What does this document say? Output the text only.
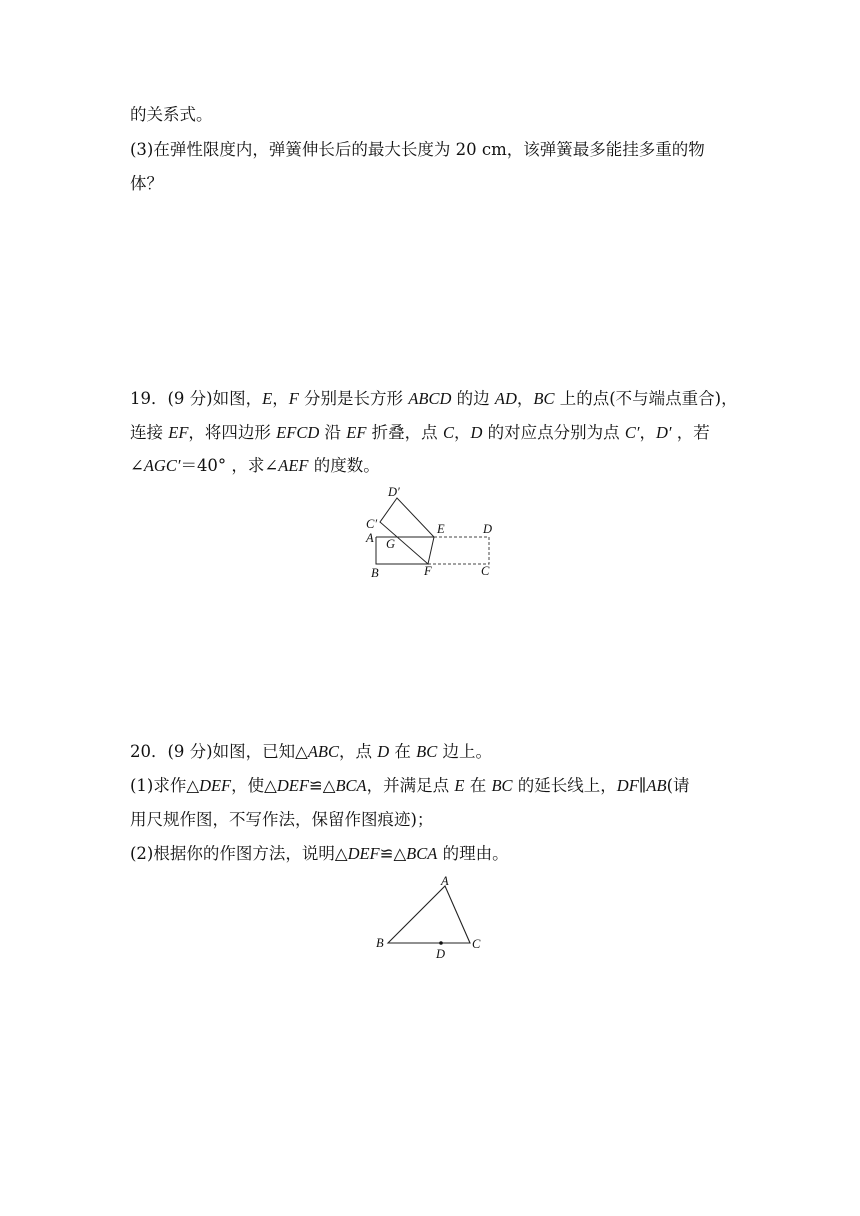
的关系式。
(3)在弹性限度内，弹簧伸长后的最大长度为 20 cm，该弹簧最多能挂多重的物
体？
19．(9 分)如图，E，F 分别是长方形 ABCD 的边 AD，BC 上的点(不与端点重合)，
连接 EF，将四边形 EFCD 沿 EF 折叠，点 C，D 的对应点分别为点 C′，D′ ，若
∠AGC′＝40° ，求∠AEF 的度数。
D′
C′
A G
E	D
B	F	C
20．(9 分)如图，已知△ABC，点 D 在 BC 边上。
(1)求作△DEF，使△DEF≌△BCA，并满足点 E 在 BC 的延长线上，DF∥AB(请
用尺规作图，不写作法，保留作图痕迹)；
(2)根据你的作图方法，说明△DEF≌△BCA 的理由。
A
B
D
C
